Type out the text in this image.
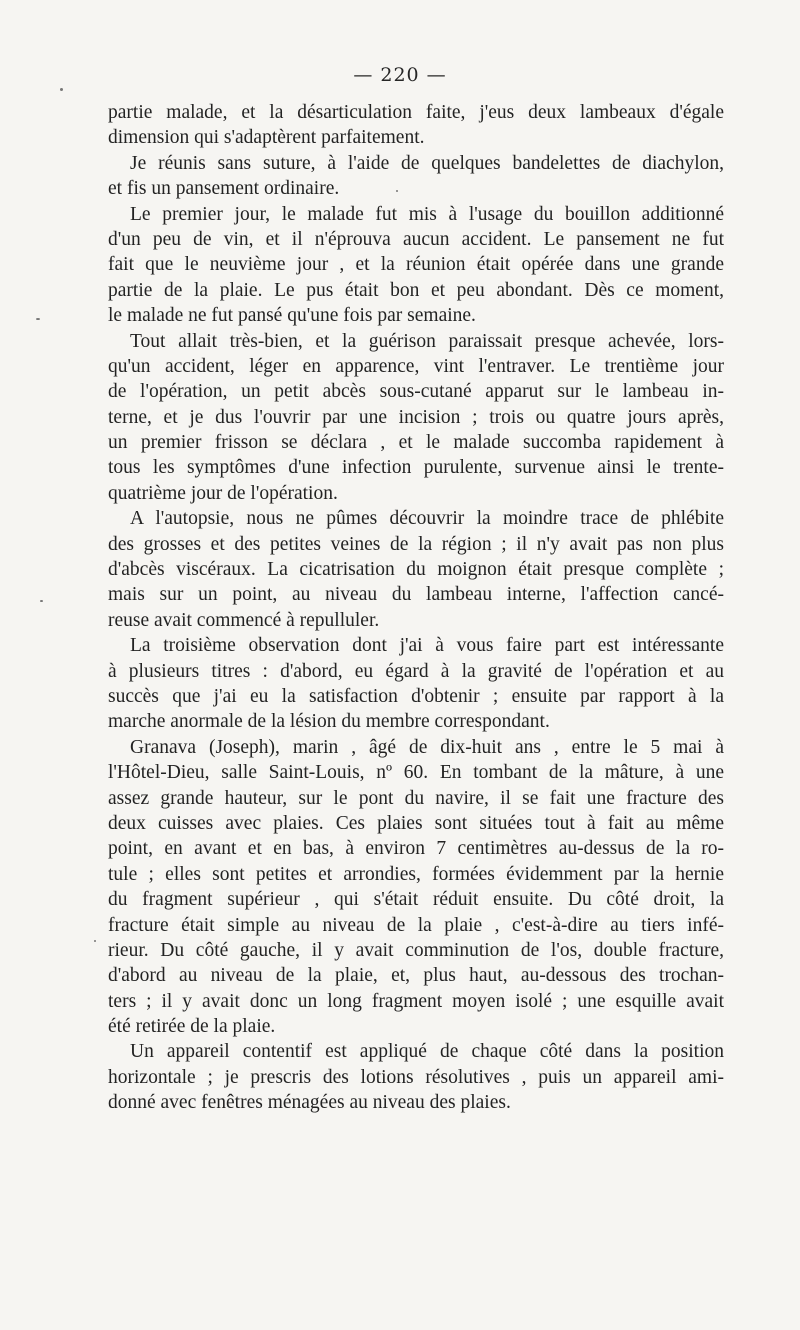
— 220 —
partie malade, et la désarticulation faite, j'eus deux lambeaux d'égale
dimension qui s'adaptèrent parfaitement.
Je réunis sans suture, à l'aide de quelques bandelettes de diachylon,
et fis un pansement ordinaire.
Le premier jour, le malade fut mis à l'usage du bouillon additionné
d'un peu de vin, et il n'éprouva aucun accident. Le pansement ne fut
fait que le neuvième jour , et la réunion était opérée dans une grande
partie de la plaie. Le pus était bon et peu abondant. Dès ce moment,
le malade ne fut pansé qu'une fois par semaine.
Tout allait très-bien, et la guérison paraissait presque achevée, lors-
qu'un accident, léger en apparence, vint l'entraver. Le trentième jour
de l'opération, un petit abcès sous-cutané apparut sur le lambeau in-
terne, et je dus l'ouvrir par une incision ; trois ou quatre jours après,
un premier frisson se déclara , et le malade succomba rapidement à
tous les symptômes d'une infection purulente, survenue ainsi le trente-
quatrième jour de l'opération.
A l'autopsie, nous ne pûmes découvrir la moindre trace de phlébite
des grosses et des petites veines de la région ; il n'y avait pas non plus
d'abcès viscéraux. La cicatrisation du moignon était presque complète ;
mais sur un point, au niveau du lambeau interne, l'affection cancé-
reuse avait commencé à repulluler.
La troisième observation dont j'ai à vous faire part est intéressante
à plusieurs titres : d'abord, eu égard à la gravité de l'opération et au
succès que j'ai eu la satisfaction d'obtenir ; ensuite par rapport à la
marche anormale de la lésion du membre correspondant.
Granava (Joseph), marin , âgé de dix-huit ans , entre le 5 mai à
l'Hôtel-Dieu, salle Saint-Louis, nº 60. En tombant de la mâture, à une
assez grande hauteur, sur le pont du navire, il se fait une fracture des
deux cuisses avec plaies. Ces plaies sont situées tout à fait au même
point, en avant et en bas, à environ 7 centimètres au-dessus de la ro-
tule ; elles sont petites et arrondies, formées évidemment par la hernie
du fragment supérieur , qui s'était réduit ensuite. Du côté droit, la
fracture était simple au niveau de la plaie , c'est-à-dire au tiers infé-
rieur. Du côté gauche, il y avait comminution de l'os, double fracture,
d'abord au niveau de la plaie, et, plus haut, au-dessous des trochan-
ters ; il y avait donc un long fragment moyen isolé ; une esquille avait
été retirée de la plaie.
Un appareil contentif est appliqué de chaque côté dans la position
horizontale ; je prescris des lotions résolutives , puis un appareil ami-
donné avec fenêtres ménagées au niveau des plaies.
